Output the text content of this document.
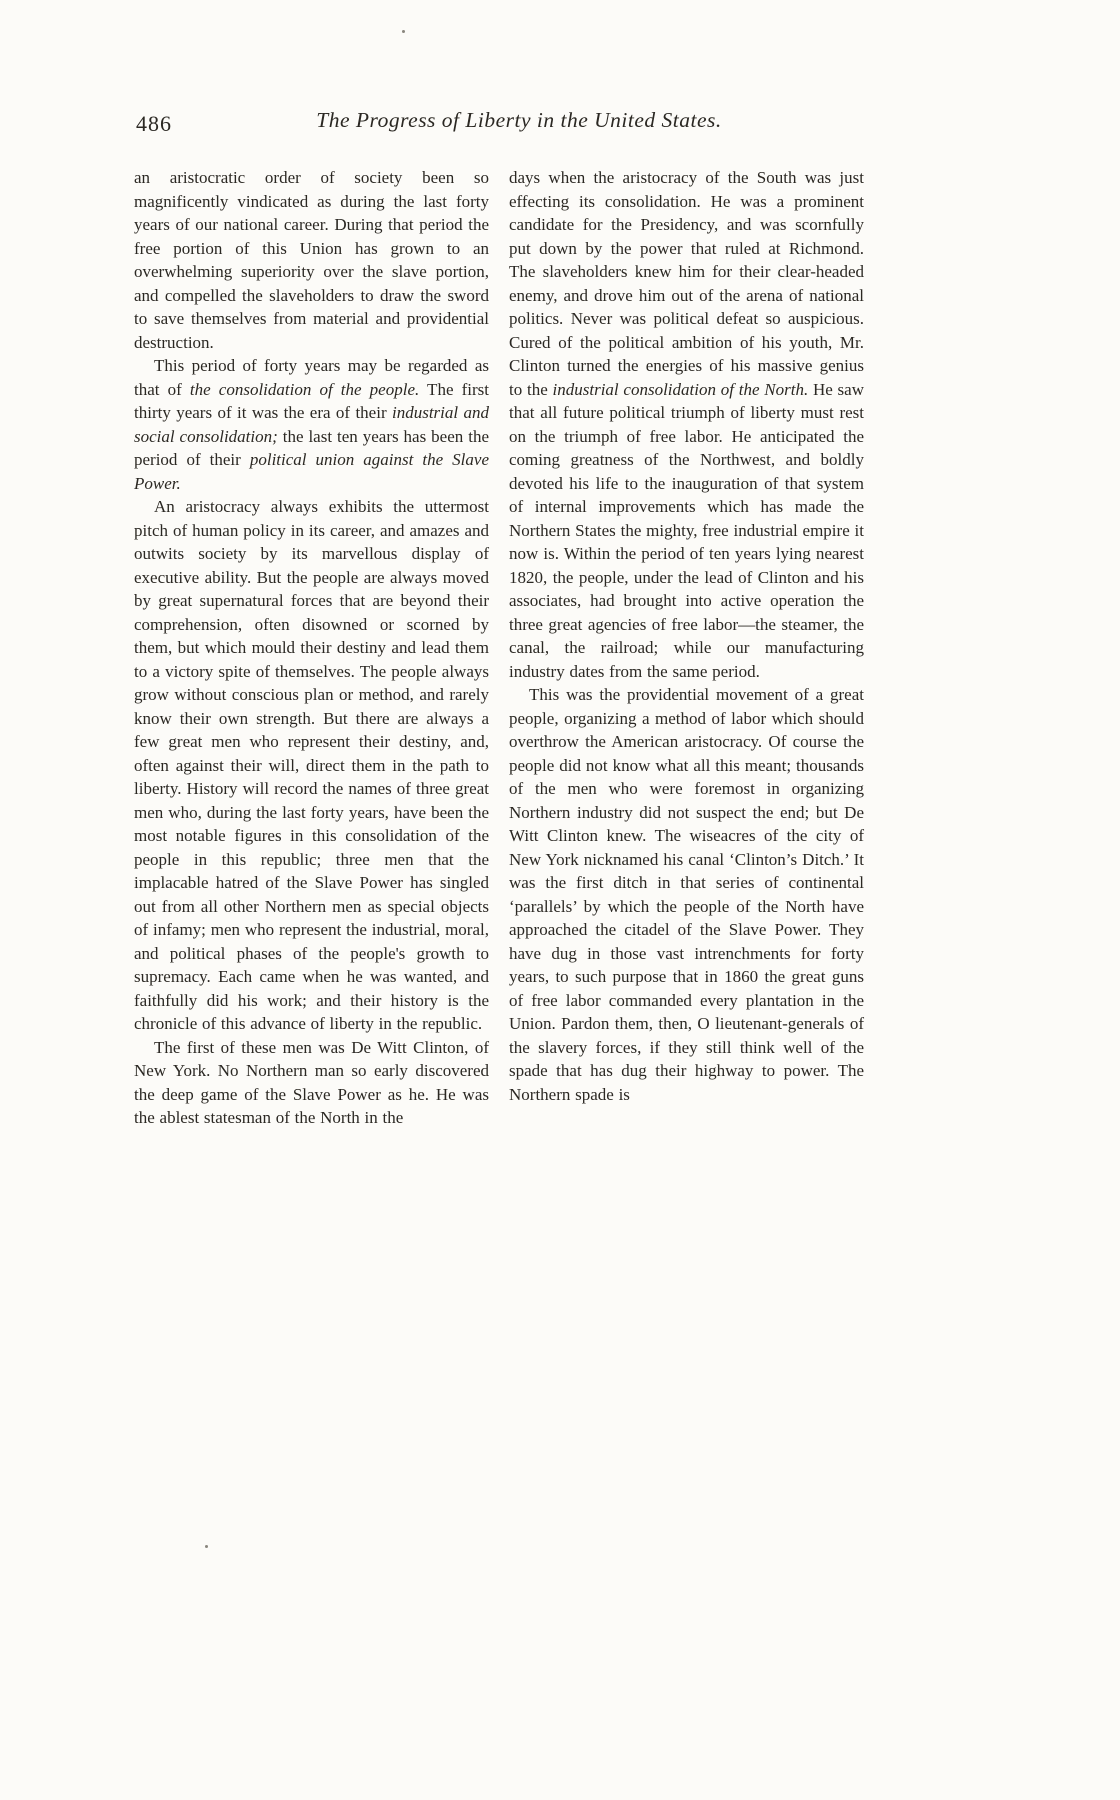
486	The Progress of Liberty in the United States.

an aristocratic order of society been so magnificently vindicated as during the last forty years of our national career. During that period the free portion of this Union has grown to an overwhelming superiority over the slave portion, and compelled the slaveholders to draw the sword to save themselves from material and providential destruction.

This period of forty years may be regarded as that of the consolidation of the people. The first thirty years of it was the era of their industrial and social consolidation; the last ten years has been the period of their political union against the Slave Power.

An aristocracy always exhibits the uttermost pitch of human policy in its career, and amazes and outwits society by its marvellous display of executive ability. But the people are always moved by great supernatural forces that are beyond their comprehension, often disowned or scorned by them, but which mould their destiny and lead them to a victory spite of themselves. The people always grow without conscious plan or method, and rarely know their own strength. But there are always a few great men who represent their destiny, and, often against their will, direct them in the path to liberty. History will record the names of three great men who, during the last forty years, have been the most notable figures in this consolidation of the people in this republic; three men that the implacable hatred of the Slave Power has singled out from all other Northern men as special objects of infamy; men who represent the industrial, moral, and political phases of the people's growth to supremacy. Each came when he was wanted, and faithfully did his work; and their history is the chronicle of this advance of liberty in the republic.

The first of these men was De Witt Clinton, of New York. No Northern man so early discovered the deep game of the Slave Power as he. He was the ablest statesman of the North in the

days when the aristocracy of the South was just effecting its consolidation. He was a prominent candidate for the Presidency, and was scornfully put down by the power that ruled at Richmond. The slaveholders knew him for their clear-headed enemy, and drove him out of the arena of national politics. Never was political defeat so auspicious. Cured of the political ambition of his youth, Mr. Clinton turned the energies of his massive genius to the industrial consolidation of the North. He saw that all future political triumph of liberty must rest on the triumph of free labor. He anticipated the coming greatness of the Northwest, and boldly devoted his life to the inauguration of that system of internal improvements which has made the Northern States the mighty, free industrial empire it now is. Within the period of ten years lying nearest 1820, the people, under the lead of Clinton and his associates, had brought into active operation the three great agencies of free labor—the steamer, the canal, the railroad; while our manufacturing industry dates from the same period.

This was the providential movement of a great people, organizing a method of labor which should overthrow the American aristocracy. Of course the people did not know what all this meant; thousands of the men who were foremost in organizing Northern industry did not suspect the end; but De Witt Clinton knew. The wiseacres of the city of New York nicknamed his canal ‘Clinton’s Ditch.’ It was the first ditch in that series of continental ‘parallels’ by which the people of the North have approached the citadel of the Slave Power. They have dug in those vast intrenchments for forty years, to such purpose that in 1860 the great guns of free labor commanded every plantation in the Union. Pardon them, then, O lieutenant-generals of the slavery forces, if they still think well of the spade that has dug their highway to power. The Northern spade is
